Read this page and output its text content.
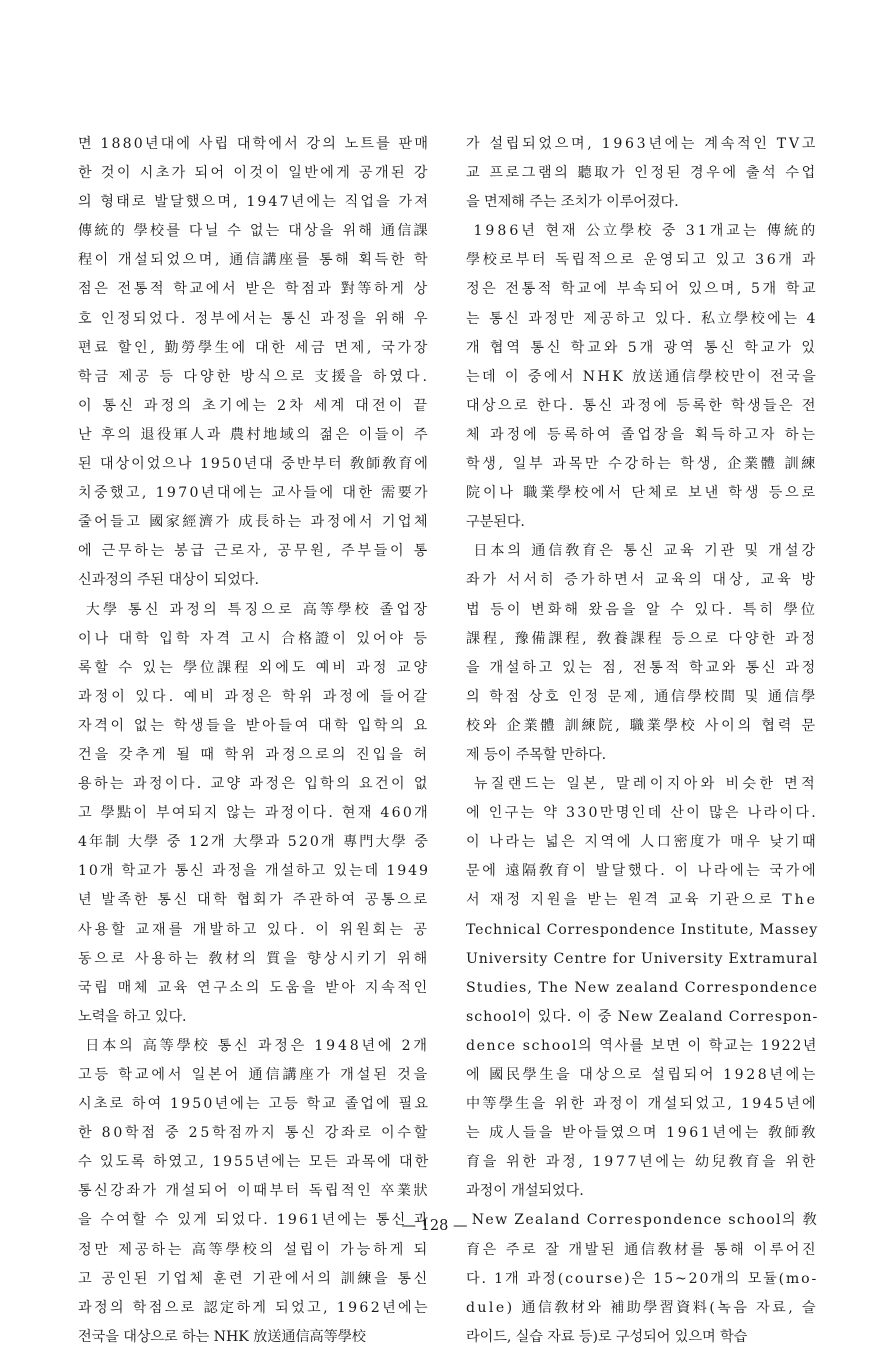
면 1880년대에 사립 대학에서 강의 노트를 판매
한 것이 시초가 되어 이것이 일반에게 공개된 강
의 형태로 발달했으며, 1947년에는 직업을 가져
傳統的 學校를 다닐 수 없는 대상을 위해 通信課
程이 개설되었으며, 通信講座를 통해 획득한 학
점은 전통적 학교에서 받은 학점과 對等하게 상
호 인정되었다. 정부에서는 통신 과정을 위해 우
편료 할인, 勤勞學生에 대한 세금 면제, 국가장
학금 제공 등 다양한 방식으로 支援을 하였다.
이 통신 과정의 초기에는 2차 세계 대전이 끝
난 후의 退役軍人과 農村地域의 젊은 이들이 주
된 대상이었으나 1950년대 중반부터 敎師敎育에
치중했고, 1970년대에는 교사들에 대한 需要가
줄어들고 國家經濟가 成長하는 과정에서 기업체
에 근무하는 봉급 근로자, 공무원, 주부들이 통
신과정의 주된 대상이 되었다.
大學 통신 과정의 특징으로 高等學校 졸업장
이나 대학 입학 자격 고시 合格證이 있어야 등
록할 수 있는 學位課程 외에도 예비 과정 교양
과정이 있다. 예비 과정은 학위 과정에 들어갈
자격이 없는 학생들을 받아들여 대학 입학의 요
건을 갖추게 될 때 학위 과정으로의 진입을 허
용하는 과정이다. 교양 과정은 입학의 요건이 없
고 學點이 부여되지 않는 과정이다. 현재 460개
4年制 大學 중 12개 大學과 520개 專門大學 중
10개 학교가 통신 과정을 개설하고 있는데 1949
년 발족한 통신 대학 협회가 주관하여 공통으로
사용할 교재를 개발하고 있다. 이 위원회는 공
동으로 사용하는 敎材의 質을 향상시키기 위해
국립 매체 교육 연구소의 도움을 받아 지속적인
노력을 하고 있다.
日本의 高等學校 통신 과정은 1948년에 2개
고등 학교에서 일본어 通信講座가 개설된 것을
시초로 하여 1950년에는 고등 학교 졸업에 필요
한 80학점 중 25학점까지 통신 강좌로 이수할
수 있도록 하였고, 1955년에는 모든 과목에 대한
통신강좌가 개설되어 이때부터 독립적인 卒業狀
을 수여할 수 있게 되었다. 1961년에는 통신 과
정만 제공하는 高等學校의 설립이 가능하게 되
고 공인된 기업체 훈련 기관에서의 訓練을 통신
과정의 학점으로 認定하게 되었고, 1962년에는
전국을 대상으로 하는 NHK 放送通信高等學校
가 설립되었으며, 1963년에는 계속적인 TV고
교 프로그램의 聽取가 인정된 경우에 출석 수업
을 면제해 주는 조치가 이루어졌다.
1986년 현재 公立學校 중 31개교는 傳統的
學校로부터 독립적으로 운영되고 있고 36개 과
정은 전통적 학교에 부속되어 있으며, 5개 학교
는 통신 과정만 제공하고 있다. 私立學校에는 4
개 협역 통신 학교와 5개 광역 통신 학교가 있
는데 이 중에서 NHK 放送通信學校만이 전국을
대상으로 한다. 통신 과정에 등록한 학생들은 전
체 과정에 등록하여 졸업장을 획득하고자 하는
학생, 일부 과목만 수강하는 학생, 企業體 訓練
院이나 職業學校에서 단체로 보낸 학생 등으로
구분된다.
日本의 通信敎育은 통신 교육 기관 및 개설강
좌가 서서히 증가하면서 교육의 대상, 교육 방
법 등이 변화해 왔음을 알 수 있다. 특히 學位
課程, 豫備課程, 敎養課程 등으로 다양한 과정
을 개설하고 있는 점, 전통적 학교와 통신 과정
의 학점 상호 인정 문제, 通信學校間 및 通信學
校와 企業體 訓練院, 職業學校 사이의 협력 문
제 등이 주목할 만하다.
뉴질랜드는 일본, 말레이지아와 비슷한 면적
에 인구는 약 330만명인데 산이 많은 나라이다.
이 나라는 넓은 지역에 人口密度가 매우 낮기때
문에 遠隔敎育이 발달했다. 이 나라에는 국가에
서 재정 지원을 받는 원격 교육 기관으로 The
Technical Correspondence Institute, Massey
University Centre for University Extramural
Studies, The New zealand Correspondence
school이 있다. 이 중 New Zealand Correspon-
dence school의 역사를 보면 이 학교는 1922년
에 國民學生을 대상으로 설립되어 1928년에는
中等學生을 위한 과정이 개설되었고, 1945년에
는 成人들을 받아들였으며 1961년에는 敎師敎
育을 위한 과정, 1977년에는 幼兒敎育을 위한
과정이 개설되었다.
New Zealand Correspondence school의 敎
育은 주로 잘 개발된 通信敎材를 통해 이루어진
다. 1개 과정(course)은 15~20개의 모듈(mo-
dule) 通信敎材와 補助學習資料(녹음 자료, 슬
라이드, 실습 자료 등)로 구성되어 있으며 학습
— 128 —
